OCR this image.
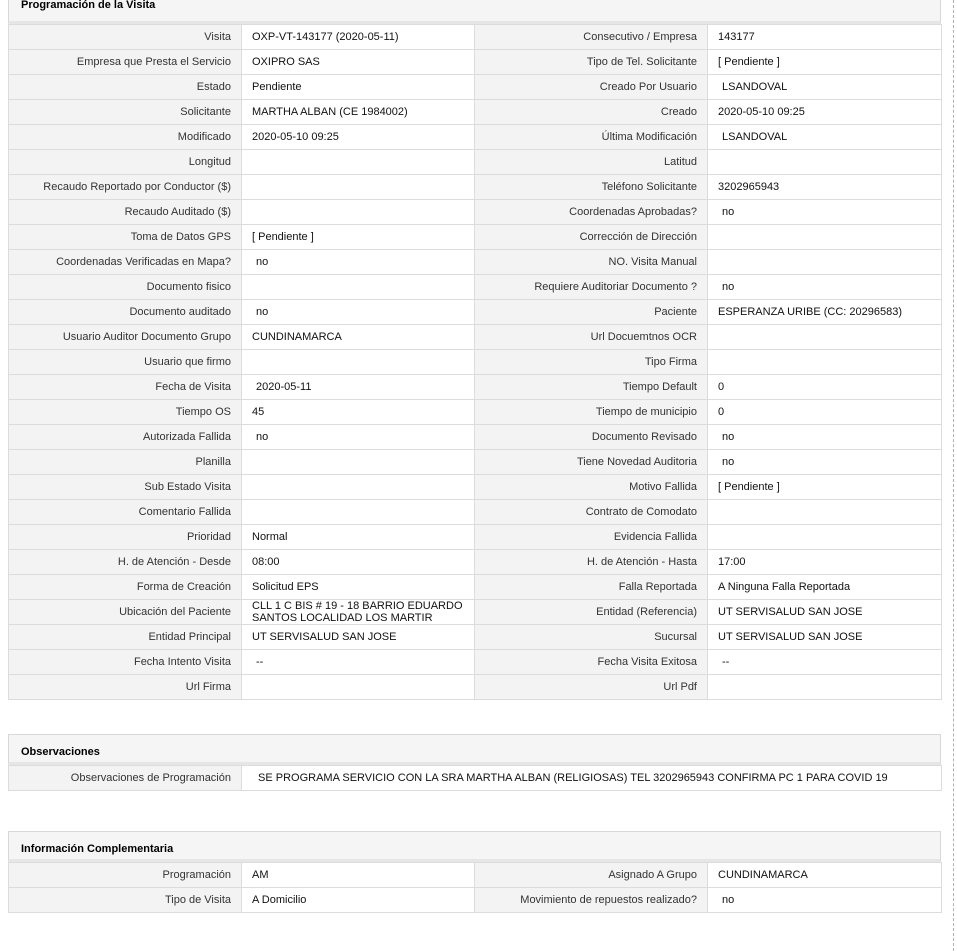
Programación de la Visita
Visita	OXP-VT-143177 (2020-05-11)	Consecutivo / Empresa	143177
Empresa que Presta el Servicio	OXIPRO SAS	Tipo de Tel. Solicitante	[ Pendiente ]
Estado	Pendiente	Creado Por Usuario	LSANDOVAL
Solicitante	MARTHA ALBAN (CE 1984002)	Creado	2020-05-10 09:25
Modificado	2020-05-10 09:25	Última Modificación	LSANDOVAL
Longitud		Latitud	
Recaudo Reportado por Conductor ($)		Teléfono Solicitante	3202965943
Recaudo Auditado ($)		Coordenadas Aprobadas?	no
Toma de Datos GPS	[ Pendiente ]	Corrección de Dirección	
Coordenadas Verificadas en Mapa?	no	NO. Visita Manual	
Documento fisico		Requiere Auditoriar Documento ?	no
Documento auditado	no	Paciente	ESPERANZA URIBE (CC: 20296583)
Usuario Auditor Documento Grupo	CUNDINAMARCA	Url Docuemtnos OCR	
Usuario que firmo		Tipo Firma	
Fecha de Visita	2020-05-11	Tiempo Default	0
Tiempo OS	45	Tiempo de municipio	0
Autorizada Fallida	no	Documento Revisado	no
Planilla		Tiene Novedad Auditoria	no
Sub Estado Visita		Motivo Fallida	[ Pendiente ]
Comentario Fallida		Contrato de Comodato	
Prioridad	Normal	Evidencia Fallida	
H. de Atención - Desde	08:00	H. de Atención - Hasta	17:00
Forma de Creación	Solicitud EPS	Falla Reportada	A Ninguna Falla Reportada
Ubicación del Paciente	CLL 1 C BIS # 19 - 18 BARRIO EDUARDO SANTOS LOCALIDAD LOS MARTIR	Entidad (Referencia)	UT SERVISALUD SAN JOSE
Entidad Principal	UT SERVISALUD SAN JOSE	Sucursal	UT SERVISALUD SAN JOSE
Fecha Intento Visita	--	Fecha Visita Exitosa	--
Url Firma		Url Pdf	
Observaciones
Observaciones de Programación	SE PROGRAMA SERVICIO CON LA SRA MARTHA ALBAN (RELIGIOSAS) TEL 3202965943 CONFIRMA PC 1 PARA COVID 19
Información Complementaria
Programación	AM	Asignado A Grupo	CUNDINAMARCA
Tipo de Visita	A Domicilio	Movimiento de repuestos realizado?	no
